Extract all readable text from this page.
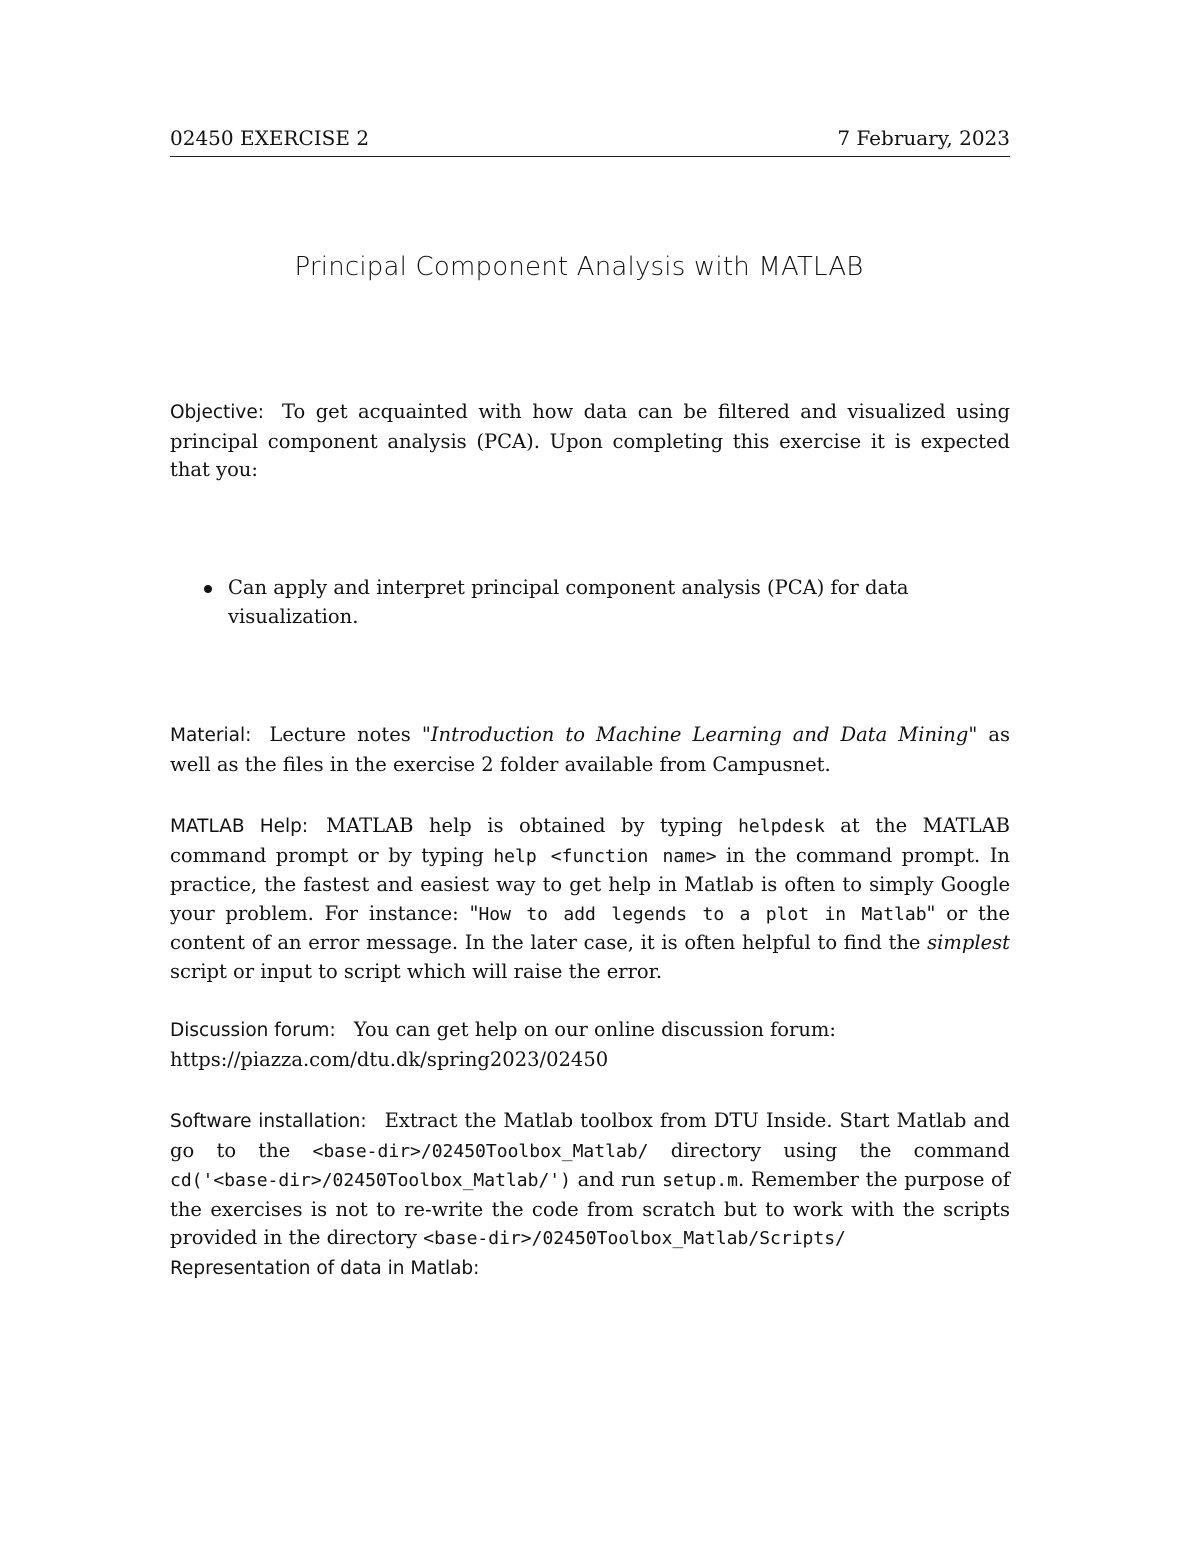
02450 EXERCISE 2	7 February, 2023
Principal Component Analysis with MATLAB
Objective: To get acquainted with how data can be filtered and visualized using principal component analysis (PCA). Upon completing this exercise it is expected that you:
Can apply and interpret principal component analysis (PCA) for data visualization.
Material: Lecture notes "Introduction to Machine Learning and Data Mining" as well as the files in the exercise 2 folder available from Campusnet.
MATLAB Help: MATLAB help is obtained by typing helpdesk at the MATLAB command prompt or by typing help <function name> in the command prompt. In practice, the fastest and easiest way to get help in Matlab is often to simply Google your problem. For instance: "How to add legends to a plot in Matlab" or the content of an error message. In the later case, it is often helpful to find the simplest script or input to script which will raise the error.
Discussion forum: You can get help on our online discussion forum:
https://piazza.com/dtu.dk/spring2023/02450
Software installation: Extract the Matlab toolbox from DTU Inside. Start Matlab and go to the <base-dir>/02450Toolbox_Matlab/ directory using the command cd('<base-dir>/02450Toolbox_Matlab/') and run setup.m. Remember the purpose of the exercises is not to re-write the code from scratch but to work with the scripts provided in the directory <base-dir>/02450Toolbox_Matlab/Scripts/
Representation of data in Matlab:
